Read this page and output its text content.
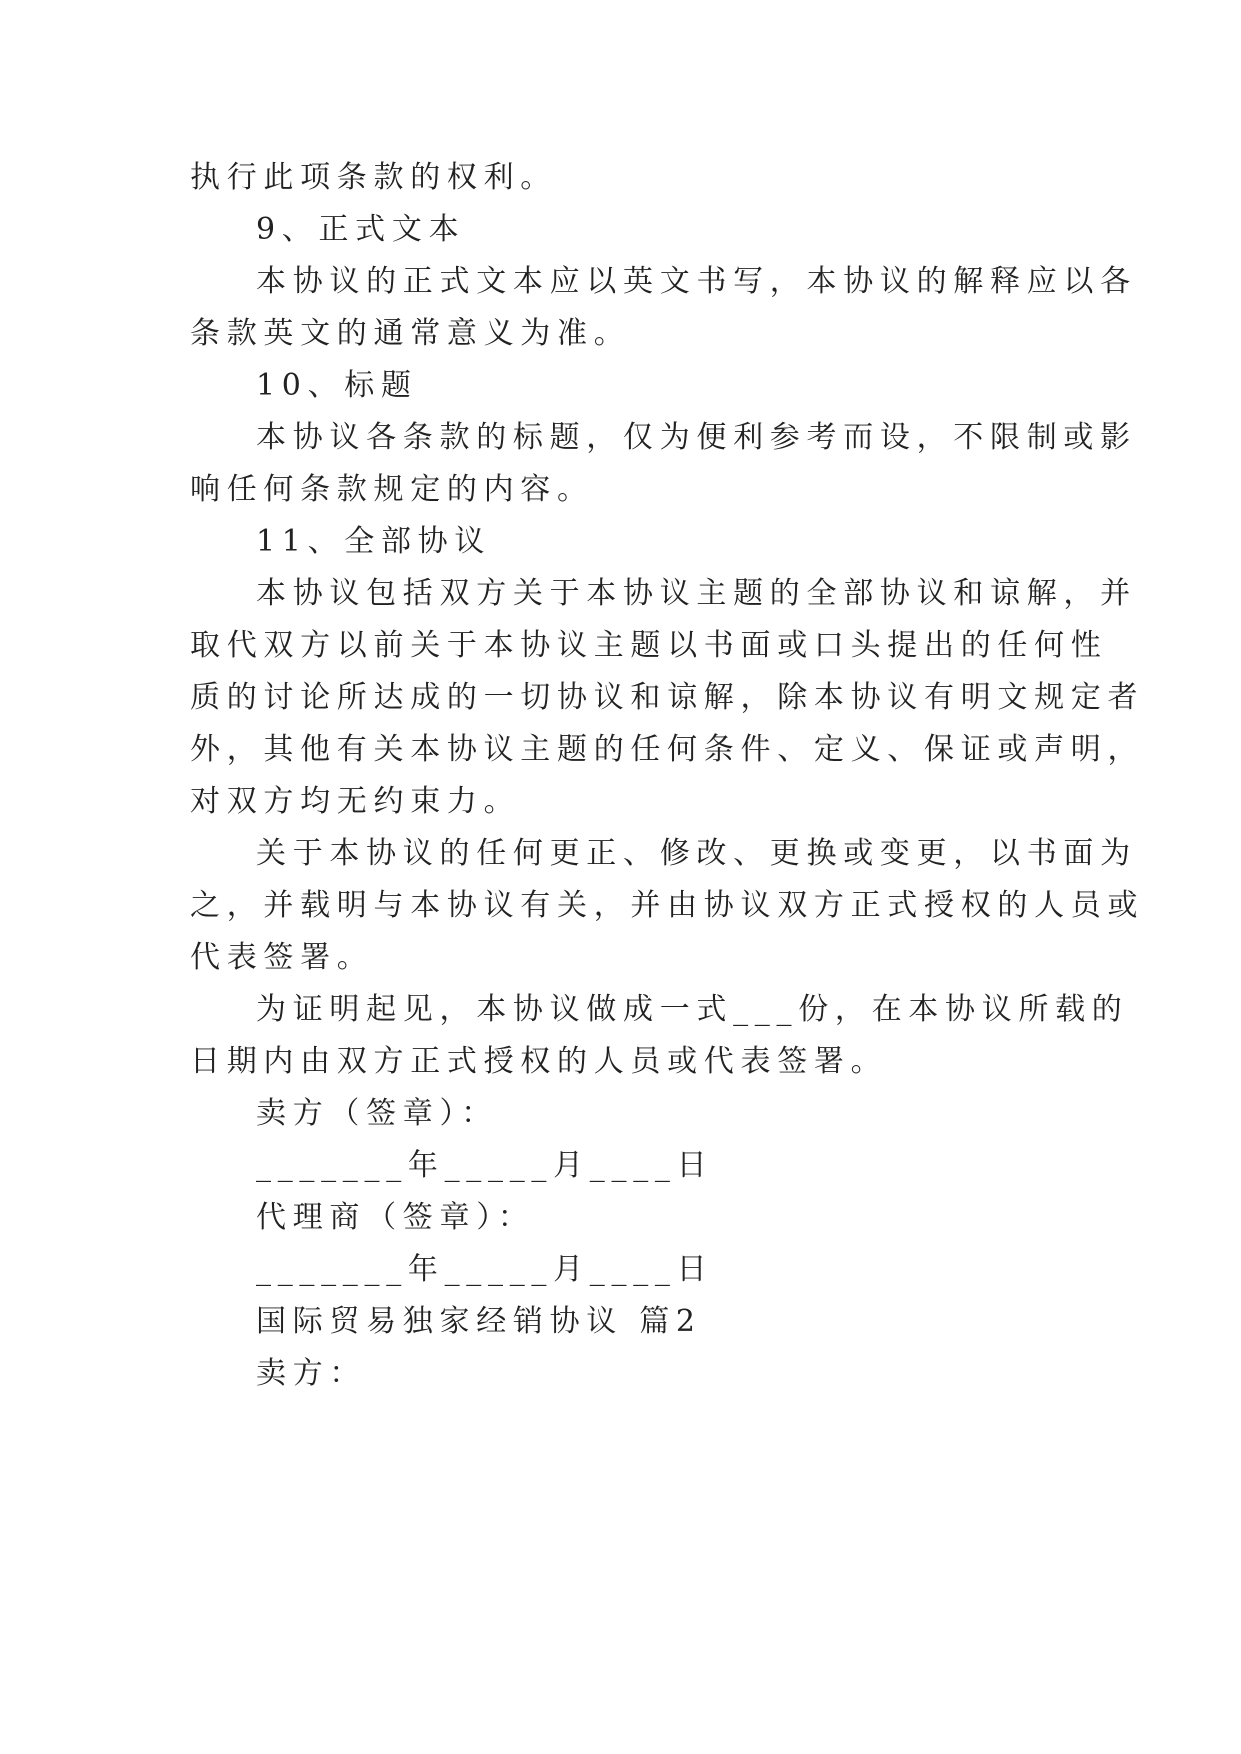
执行此项条款的权利。
9、正式文本
本协议的正式文本应以英文书写，本协议的解释应以各
条款英文的通常意义为准。
10、标题
本协议各条款的标题，仅为便利参考而设，不限制或影
响任何条款规定的内容。
11、全部协议
本协议包括双方关于本协议主题的全部协议和谅解，并
取代双方以前关于本协议主题以书面或口头提出的任何性
质的讨论所达成的一切协议和谅解，除本协议有明文规定者
外，其他有关本协议主题的任何条件、定义、保证或声明，
对双方均无约束力。
关于本协议的任何更正、修改、更换或变更，以书面为
之，并载明与本协议有关，并由协议双方正式授权的人员或
代表签署。
为证明起见，本协议做成一式___份，在本协议所载的
日期内由双方正式授权的人员或代表签署。
卖方（签章）：
_______年_____月____日
代理商（签章）：
_______年_____月____日
国际贸易独家经销协议 篇2
卖方：
